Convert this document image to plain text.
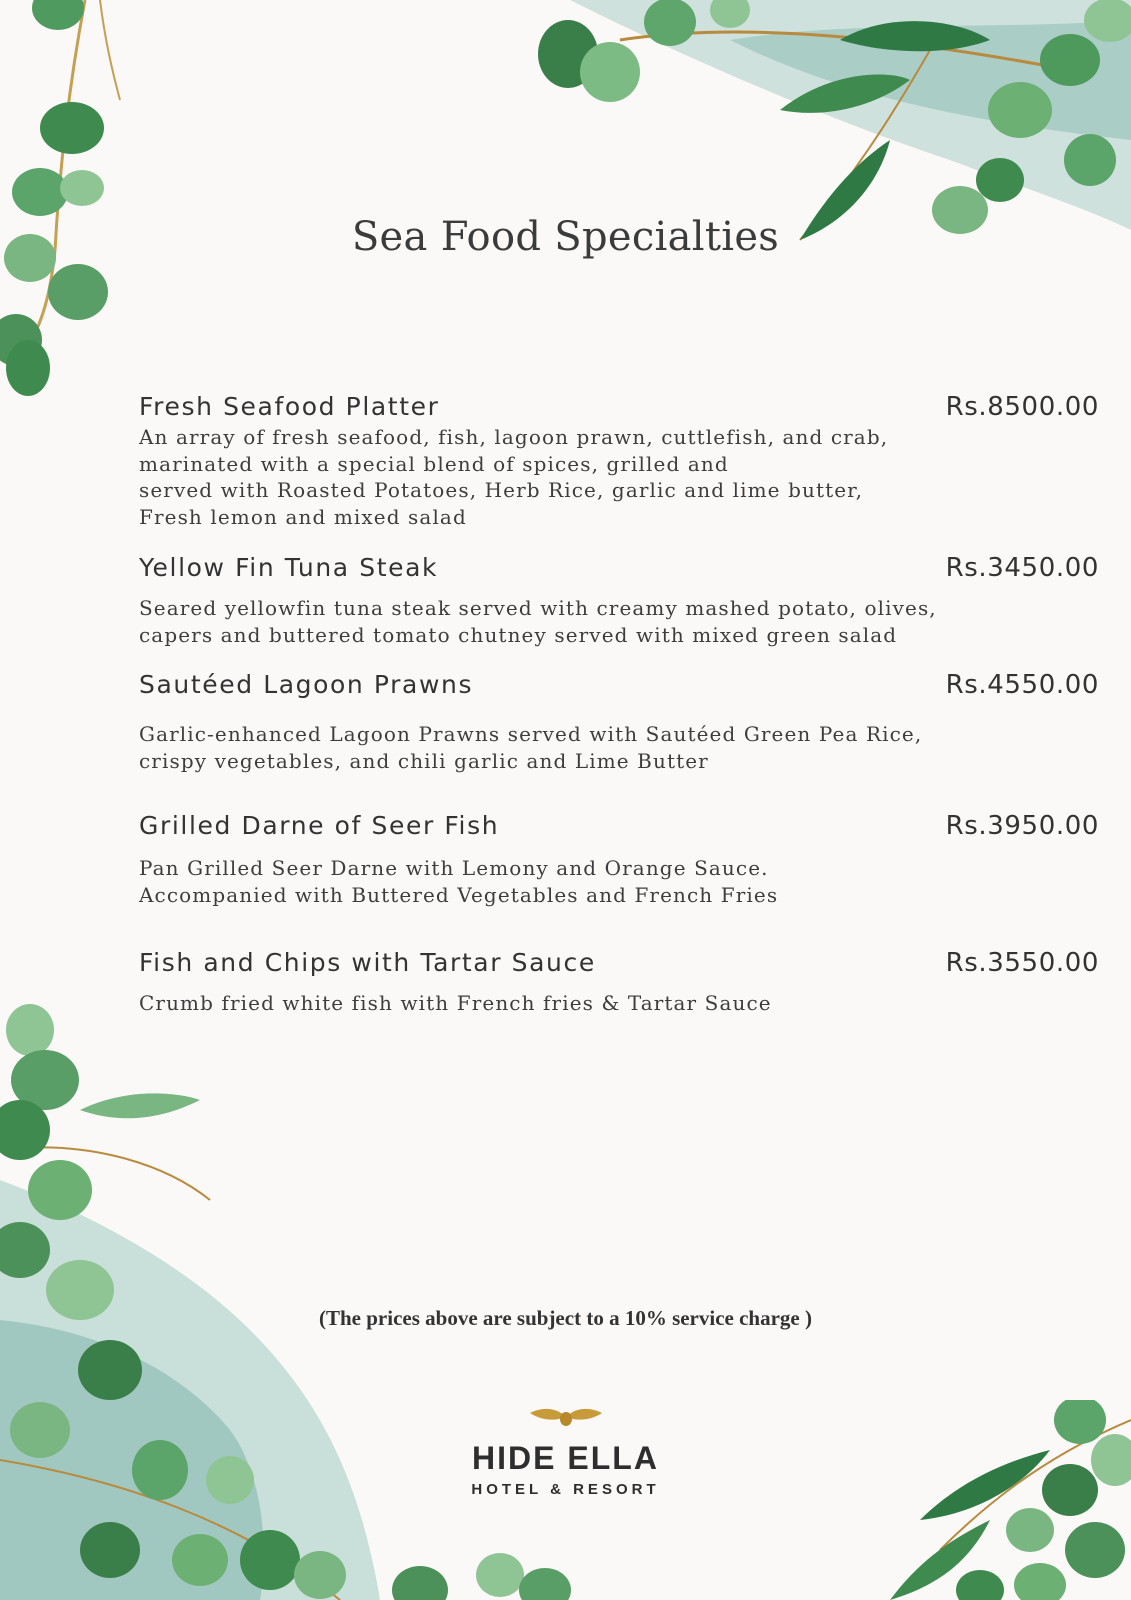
Sea Food Specialties
Fresh Seafood Platter	Rs.8500.00
An array of fresh seafood, fish, lagoon prawn, cuttlefish, and crab,
marinated with a special blend of spices, grilled and
served with Roasted Potatoes, Herb Rice, garlic and lime butter,
Fresh lemon and mixed salad
Yellow Fin Tuna Steak	Rs.3450.00
Seared yellowfin tuna steak served with creamy mashed potato, olives,
capers and buttered tomato chutney served with mixed green salad
Sautéed Lagoon Prawns	Rs.4550.00
Garlic-enhanced Lagoon Prawns served with Sautéed Green Pea Rice,
crispy vegetables, and chili garlic and Lime Butter
Grilled Darne of Seer Fish	Rs.3950.00
Pan Grilled Seer Darne with Lemony and Orange Sauce.
Accompanied with Buttered Vegetables and French Fries
Fish and Chips with Tartar Sauce	Rs.3550.00
Crumb fried white fish with French fries & Tartar Sauce
(The prices above are subject to a 10% service charge )
HIDE ELLA
HOTEL & RESORT
